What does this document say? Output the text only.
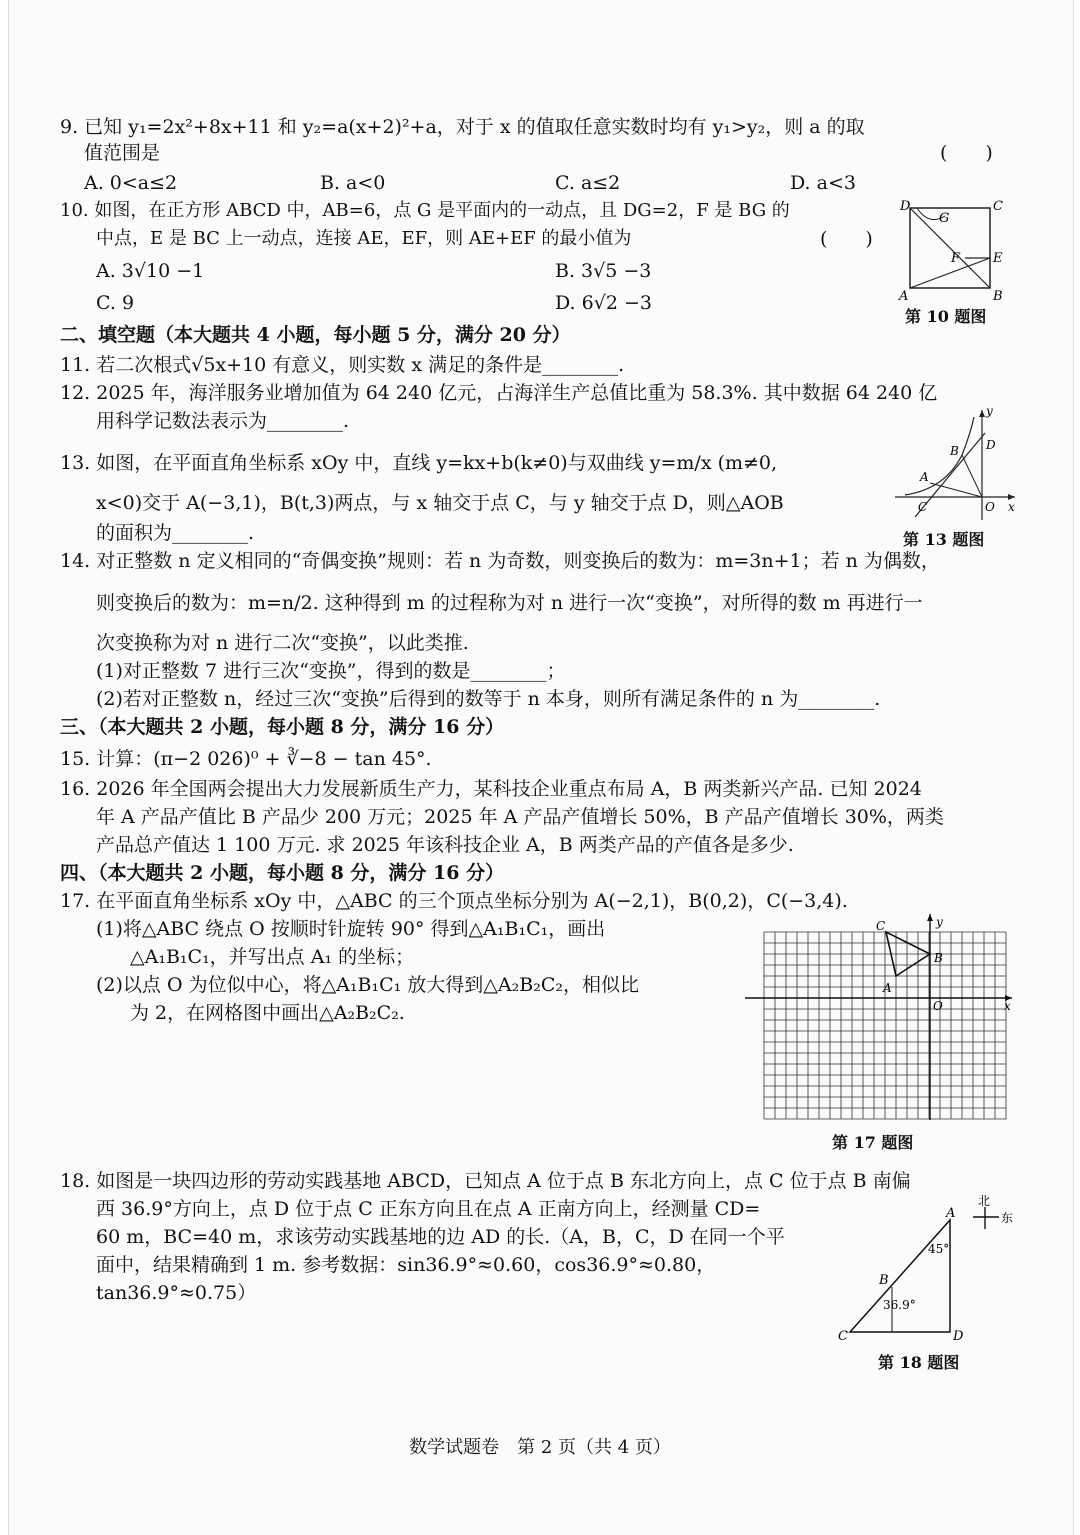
9. 已知 y₁=2x²+8x+11 和 y₂=a(x+2)²+a，对于 x 的值取任意实数时均有 y₁>y₂，则 a 的取
值范围是	(　　)
A. 0<a≤2	B. a<0	C. a≤2	D. a<3
10. 如图，在正方形 ABCD 中，AB=6，点 G 是平面内的一动点，且 DG=2，F 是 BG 的
中点，E 是 BC 上一动点，连接 AE，EF，则 AE+EF 的最小值为	(　　)
A. 3√10 −1	B. 3√5 −3
C. 9	D. 6√2 −3
D	C
G
F	E
A	B
第 10 题图
二、填空题（本大题共 4 小题，每小题 5 分，满分 20 分）
11. 若二次根式√5x+10 有意义，则实数 x 满足的条件是________.
12. 2025 年，海洋服务业增加值为 64 240 亿元，占海洋生产总值比重为 58.3%. 其中数据 64 240 亿
用科学记数法表示为________.
13. 如图，在平面直角坐标系 xOy 中，直线 y=kx+b(k≠0)与双曲线 y=m/x (m≠0,
x<0)交于 A(−3,1)，B(t,3)两点，与 x 轴交于点 C，与 y 轴交于点 D，则△AOB
的面积为________.
y
B D
A
C	O x
第 13 题图
14. 对正整数 n 定义相同的“奇偶变换”规则：若 n 为奇数，则变换后的数为：m=3n+1；若 n 为偶数，
则变换后的数为：m=n/2. 这种得到 m 的过程称为对 n 进行一次“变换”，对所得的数 m 再进行一
次变换称为对 n 进行二次“变换”，以此类推.
(1)对正整数 7 进行三次“变换”，得到的数是________；
(2)若对正整数 n，经过三次“变换”后得到的数等于 n 本身，则所有满足条件的 n 为________.
三、（本大题共 2 小题，每小题 8 分，满分 16 分）
15. 计算：(π−2 026)⁰ + ∛−8 − tan 45°.
16. 2026 年全国两会提出大力发展新质生产力，某科技企业重点布局 A，B 两类新兴产品. 已知 2024
年 A 产品产值比 B 产品少 200 万元；2025 年 A 产品产值增长 50%，B 产品产值增长 30%，两类
产品总产值达 1 100 万元. 求 2025 年该科技企业 A，B 两类产品的产值各是多少.
四、（本大题共 2 小题，每小题 8 分，满分 16 分）
17. 在平面直角坐标系 xOy 中，△ABC 的三个顶点坐标分别为 A(−2,1)，B(0,2)，C(−3,4).
(1)将△ABC 绕点 O 按顺时针旋转 90° 得到△A₁B₁C₁，画出
△A₁B₁C₁，并写出点 A₁ 的坐标；
(2)以点 O 为位似中心，将△A₁B₁C₁ 放大得到△A₂B₂C₂，相似比
为 2，在网格图中画出△A₂B₂C₂.
C	y
B
A
O	x
第 17 题图
18. 如图是一块四边形的劳动实践基地 ABCD，已知点 A 位于点 B 东北方向上，点 C 位于点 B 南偏
西 36.9°方向上，点 D 位于点 C 正东方向且在点 A 正南方向上，经测量 CD=
60 m，BC=40 m，求该劳动实践基地的边 AD 的长.（A，B，C，D 在同一个平
面中，结果精确到 1 m. 参考数据：sin36.9°≈0.60，cos36.9°≈0.80，
tan36.9°≈0.75）
北
东
A
45°
B
36.9°
C	D
第 18 题图
数学试题卷　第 2 页（共 4 页）
